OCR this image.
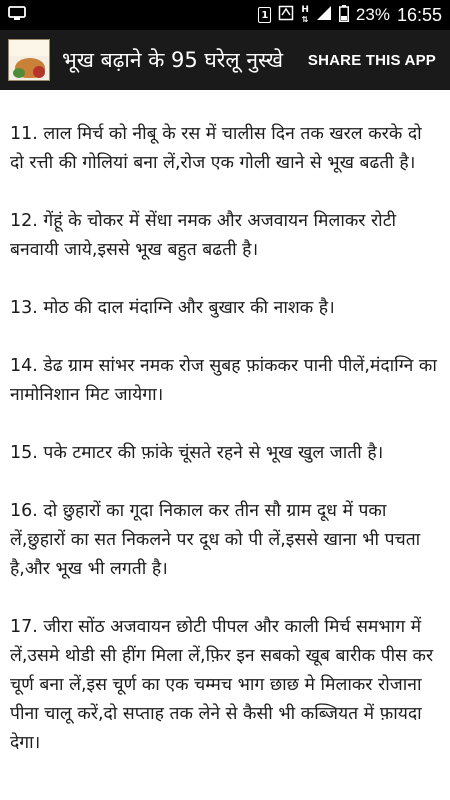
1	H
⇅	23% 16:55
भूख बढ़ाने के 95 घरेलू नुस्खे SHARE THIS APP

11. लाल मिर्च को नीबू के रस में चालीस दिन तक खरल करके दो दो रत्ती की गोलियां बना लें,रोज एक गोली खाने से भूख बढती है।

12. गेंहूं के चोकर में सेंधा नमक और अजवायन मिलाकर रोटी बनवायी जाये,इससे भूख बहुत बढती है।

13. मोठ की दाल मंदाग्नि और बुखार की नाशक है।

14. डेढ ग्राम सांभर नमक रोज सुबह फ़ांककर पानी पीलें,मंदाग्नि का नामोनिशान मिट जायेगा।

15. पके टमाटर की फ़ांके चूंसते रहने से भूख खुल जाती है।

16. दो छुहारों का गूदा निकाल कर तीन सौ ग्राम दूध में पका लें,छुहारों का सत निकलने पर दूध को पी लें,इससे खाना भी पचता है,और भूख भी लगती है।

17. जीरा सोंठ अजवायन छोटी पीपल और काली मिर्च समभाग में लें,उसमे थोडी सी हींग मिला लें,फ़िर इन सबको खूब बारीक पीस कर चूर्ण बना लें,इस चूर्ण का एक चम्मच भाग छाछ मे मिलाकर रोजाना पीना चालू करें,दो सप्ताह तक लेने से कैसी भी कब्जियत में फ़ायदा देगा।
